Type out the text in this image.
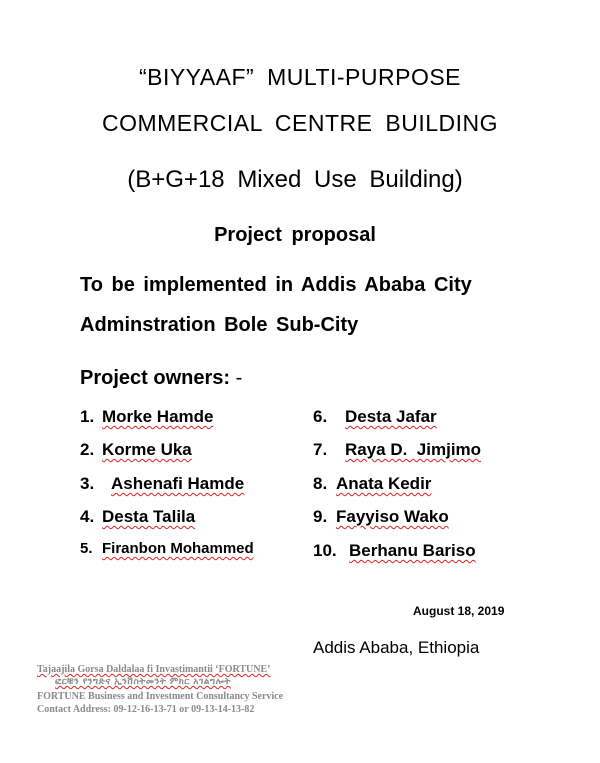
“BIYYAAF” MULTI-PURPOSE
COMMERCIAL CENTRE BUILDING
(B+G+18 Mixed Use Building)
Project proposal
To be implemented in Addis Ababa City
Adminstration Bole Sub-City
Project owners: -
1. Morke Hamde
2. Korme Uka
3. Ashenafi Hamde
4. Desta Talila
5. Firanbon Mohammed
6. Desta Jafar
7. Raya D.  Jimjimo
8. Anata Kedir
9. Fayyiso Wako
10. Berhanu Bariso
August 18, 2019
Addis Ababa, Ethiopia
Tajaajila Gorsa Daldalaa fi Invastimantii ‘FORTUNE’
ፎርቹን የንግድና ኢንቨስትመንት ምክር አገልግሎት
FORTUNE Business and Investment Consultancy Service
Contact Address: 09-12-16-13-71 or 09-13-14-13-82
